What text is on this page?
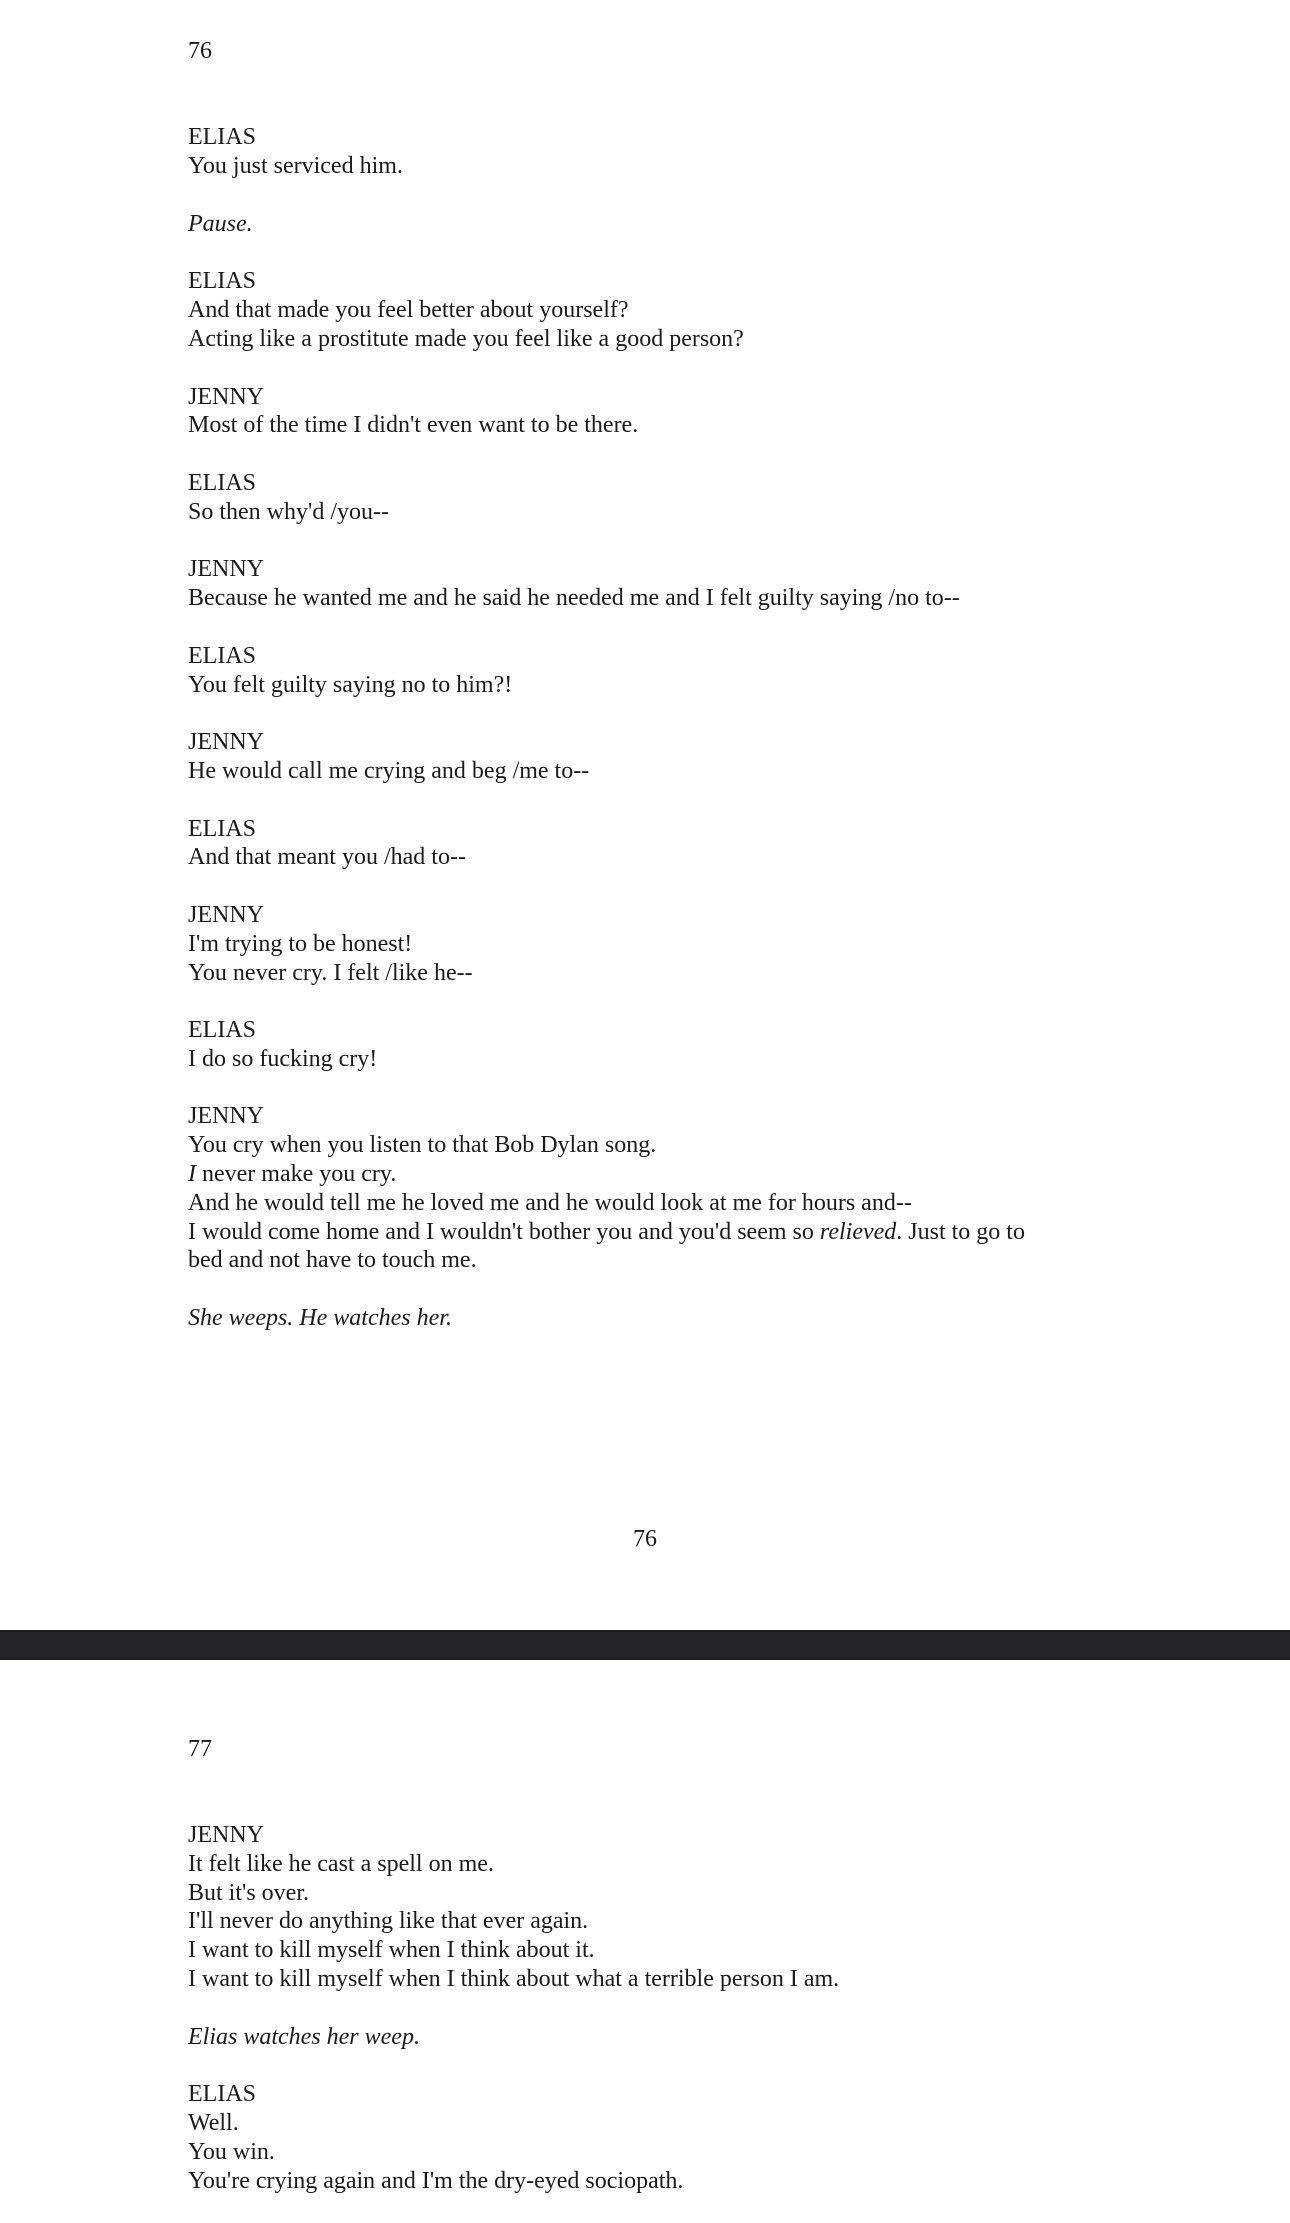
76
ELIAS
You just serviced him.
Pause.
ELIAS
And that made you feel better about yourself?
Acting like a prostitute made you feel like a good person?
JENNY
Most of the time I didn't even want to be there.
ELIAS
So then why'd /you--
JENNY
Because he wanted me and he said he needed me and I felt guilty saying /no to--
ELIAS
You felt guilty saying no to him?!
JENNY
He would call me crying and beg /me to--
ELIAS
And that meant you /had to--
JENNY
I'm trying to be honest!
You never cry. I felt /like he--
ELIAS
I do so fucking cry!
JENNY
You cry when you listen to that Bob Dylan song.
I never make you cry.
And he would tell me he loved me and he would look at me for hours and--
I would come home and I wouldn't bother you and you'd seem so relieved. Just to go to
bed and not have to touch me.
She weeps. He watches her.
76
77
JENNY
It felt like he cast a spell on me.
But it's over.
I'll never do anything like that ever again.
I want to kill myself when I think about it.
I want to kill myself when I think about what a terrible person I am.
Elias watches her weep.
ELIAS
Well.
You win.
You're crying again and I'm the dry-eyed sociopath.
